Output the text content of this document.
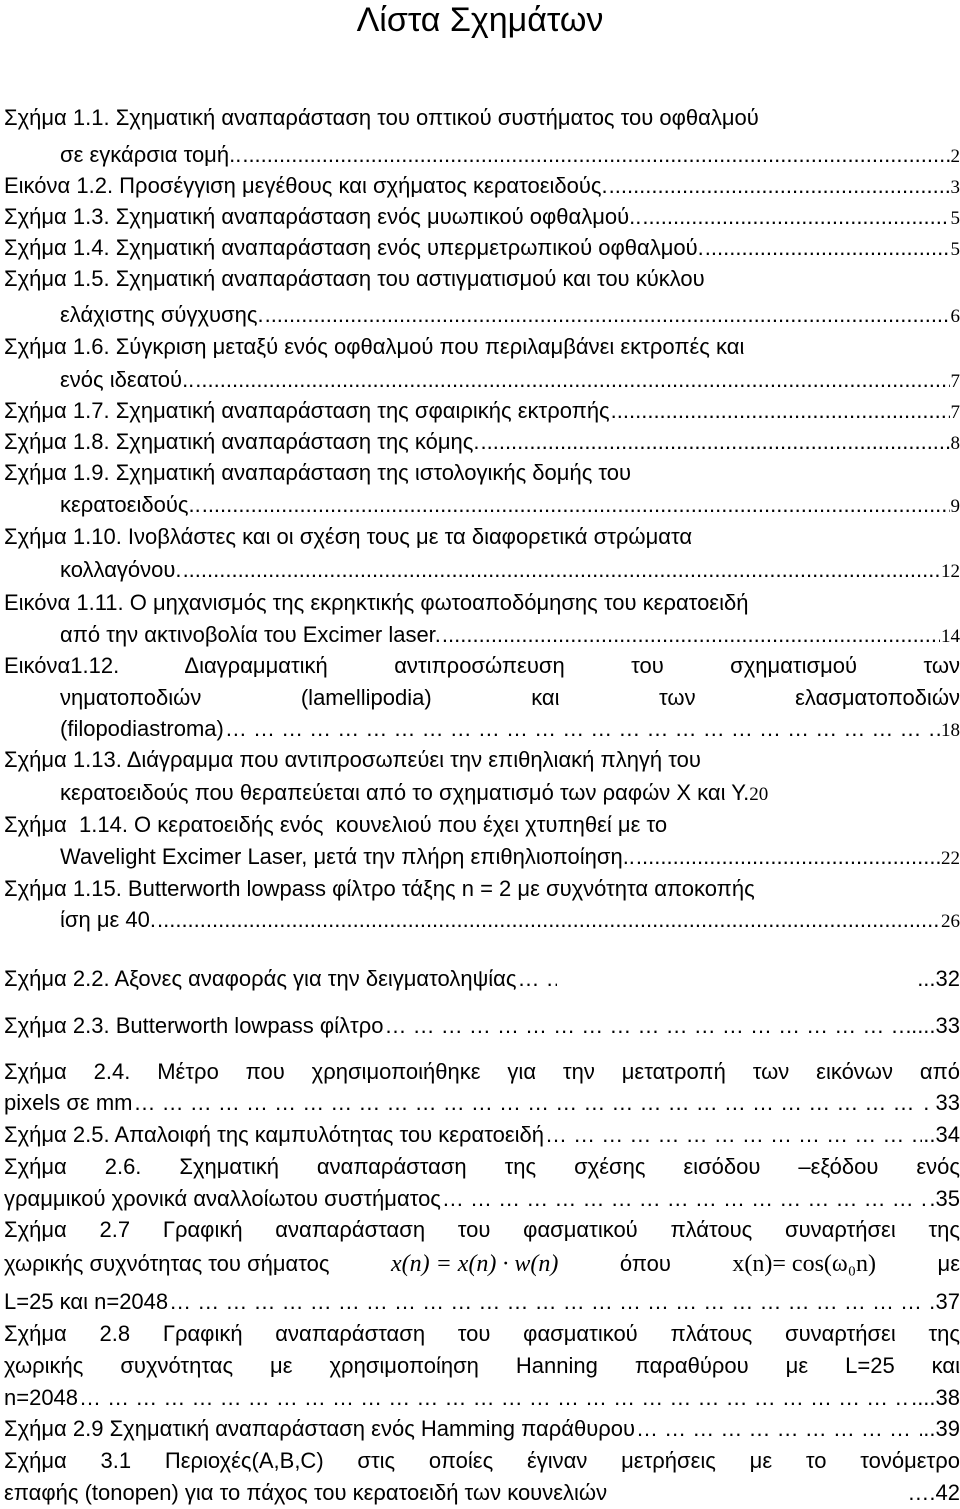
Λίστα Σχημάτων
Σχήμα 1.1. Σχηματική αναπαράσταση του οπτικού συστήματος του οφθαλμού
σε εγκάρσια τομή.. .....	2
Εικόνα 1.2. Προσέγγιση μεγέθους και σχήματος κερατοειδούς. .....	3
Σχήμα 1.3. Σχηματική αναπαράσταση ενός μυωπικού οφθαλμού.. .....	5
Σχήμα 1.4. Σχηματική αναπαράσταση ενός υπερμετρωπικού οφθαλμού. .....	5
Σχήμα 1.5. Σχηματική αναπαράσταση του αστιγματισμού και του κύκλου
ελάχιστης σύγχυσης. .....	6
Σχήμα 1.6. Σύγκριση μεταξύ ενός οφθαλμού που περιλαμβάνει εκτροπές και
ενός ιδεατού.. .....	7
Σχήμα 1.7. Σχηματική αναπαράσταση της σφαιρικής εκτροπής .....	7
Σχήμα 1.8. Σχηματική αναπαράσταση της κόμης. .....	8
Σχήμα 1.9. Σχηματική αναπαράσταση της ιστολογικής δομής του
κερατοειδούς.. .....	9
Σχήμα 1.10. Ινοβλάστες και οι σχέση τους με τα διαφορετικά στρώματα
κολλαγόνου. .....	12
Εικόνα 1.11. Ο μηχανισμός της εκρηκτικής φωτοαποδόμησης του κερατοειδή
από την ακτινοβολία του Excimer laser. .....	14
Εικόνα1.12. Διαγραμματική αντιπροσώπευση του σχηματισμού των
νηματοποδιών (lamellipodia) και των ελασματοποδιών
(filopodiastroma) … … … … … … … … … … … … … … … … … … … … … … … … … … … … … … … … … … … … … … … … … … … … … … … … … … … …	18
Σχήμα 1.13. Διάγραμμα που αντιπροσωπεύει την επιθηλιακή πληγή του
κερατοειδούς που θεραπεύεται από το σχηματισμό των ραφών Χ και Υ. 20
Σχήμα  1.14. Ο κερατοειδής ενός  κουνελιού που έχει χτυπηθεί με το
Wavelight Excimer Laser, μετά την πλήρη επιθηλιοποίηση.. .....	22
Σχήμα 1.15. Butterworth lowpass φίλτρο τάξης n = 2 με συχνότητα αποκοπής
ίση με 40. .....	26
Σχήμα 2.2. Αξονες αναφοράς για την δειγματοληψίας … … … … … … … … … … … … … … … … … … … … … … … … … … … … … … … … … … … … … … … … … … … … … … … … … … … …	...32
Σχήμα 2.3. Butterworth lowpass φίλτρο … … … … … … … … … … … … … … … … … … … … … … … … … … … … … … … … … … … … … … … … … … … … … … … … … … … …	....33
Σχήμα 2.4. Μέτρο που χρησιμοποιήθηκε για την μετατροπή των εικόνων από
pixels σε mm … … … … … … … … … … … … … … … … … … … … … … … … … … … … … … … … … … … … … … … … … … … … … … … … … … … …	. 33
Σχήμα 2.5. Απαλοιφή της καμπυλότητας του κερατοειδή … … … … … … … … … … … … … … … … … … … … … … … … … … … … … … … … … … … … … … … … … … … … … … … … … … … …	..34
Σχήμα 2.6. Σχηματική αναπαράσταση της σχέσης εισόδου –εξόδου ενός
γραμμικού χρονικά αναλλοίωτου συστήματος … … … … … … … … … … … … … … … … … … … … … … … … … … … … … … … … … … … … … … … … … … … … … … … … … … … …	.35
Σχήμα 2.7 Γραφική αναπαράσταση του φασματικού πλάτους συναρτήσει της
χωρικής συχνότητας του σήματος	x(n) = x(n) · w(n)	όπου	x(n)= cos(ω₀n)	με
L=25 και n=2048 … … … … … … … … … … … … … … … … … … … … … … … … … … … … … … … … … … … … … … … … … … … … … … … … … … … …	37
Σχήμα 2.8 Γραφική αναπαράσταση του φασματικού πλάτους συναρτήσει της
χωρικής συχνότητας με χρησιμοποίηση Hanning παραθύρου με L=25 και
n=2048 … … … … … … … … … … … … … … … … … … … … … … … … … … … … … … … … … … … … … … … … … … … … … … … … … … … …	....38
Σχήμα 2.9 Σχηματική αναπαράσταση ενός Hamming παράθυρου … … … … … … … … … … … … … … … … … … … … … … … … … … … … … … … … … … … … … … … … … … … … … … … … … … … …	..39
Σχήμα 3.1 Περιοχές(A,B,C) στις οποίες έγιναν μετρήσεις με το τονόμετρο
επαφής (tonopen) για το πάχος του κερατοειδή των κουνελιών	….42
